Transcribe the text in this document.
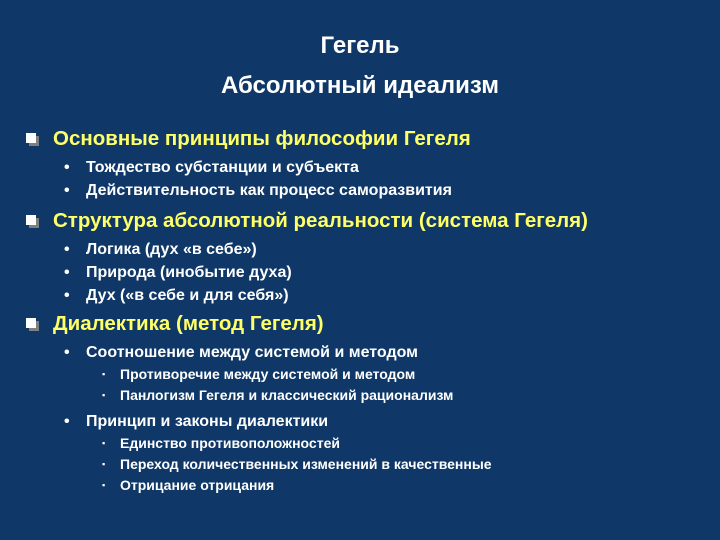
Гегель
Абсолютный идеализм
Основные принципы философии Гегеля
•	Тождество субстанции и субъекта
•	Действительность как процесс саморазвития
Структура абсолютной реальности (система Гегеля)
•	Логика (дух «в себе»)
•	Природа (инобытие духа)
•	Дух («в себе и для себя»)
Диалектика (метод Гегеля)
•	Соотношение между системой и методом
▪	Противоречие между системой и методом
▪	Панлогизм Гегеля и классический рационализм
•	Принцип и законы диалектики
▪	Единство противоположностей
▪	Переход количественных изменений в качественные
▪	Отрицание отрицания
